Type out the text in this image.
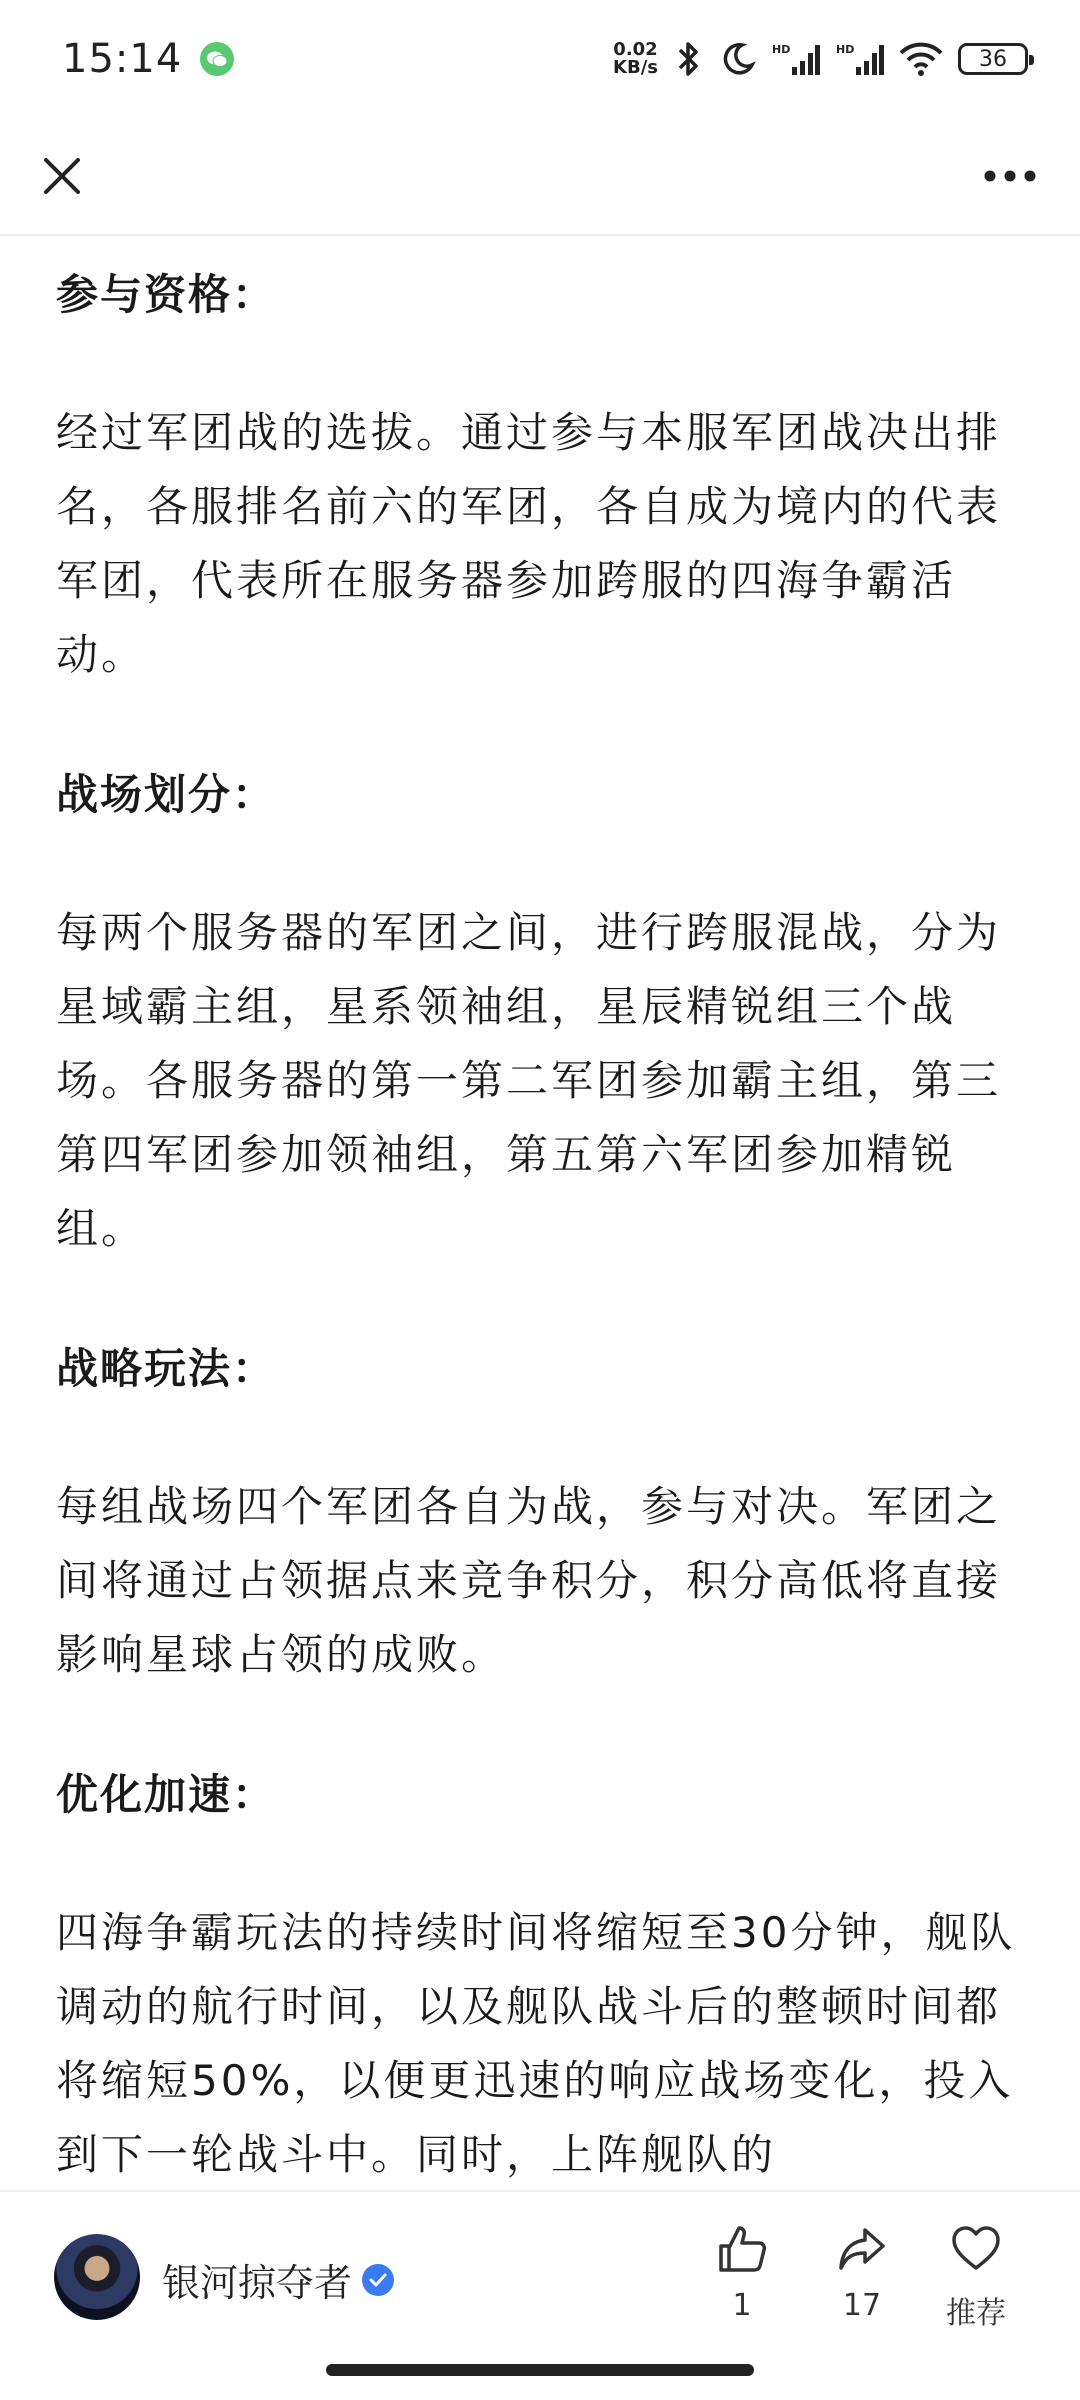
15:14	0.02
KB/s
HD	HD	36
参与资格：
经过军团战的选拔。通过参与本服军团战决出排名，各服排名前六的军团，各自成为境内的代表军团，代表所在服务器参加跨服的四海争霸活动。
战场划分：
每两个服务器的军团之间，进行跨服混战，分为星域霸主组，星系领袖组，星辰精锐组三个战场。各服务器的第一第二军团参加霸主组，第三第四军团参加领袖组，第五第六军团参加精锐组。
战略玩法：
每组战场四个军团各自为战，参与对决。军团之间将通过占领据点来竞争积分，积分高低将直接影响星球占领的成败。
优化加速：
四海争霸玩法的持续时间将缩短至30分钟，舰队调动的航行时间，以及舰队战斗后的整顿时间都将缩短50%，以便更迅速的响应战场变化，投入到下一轮战斗中。同时，上阵舰队的
银河掠夺者
1	17	推荐
